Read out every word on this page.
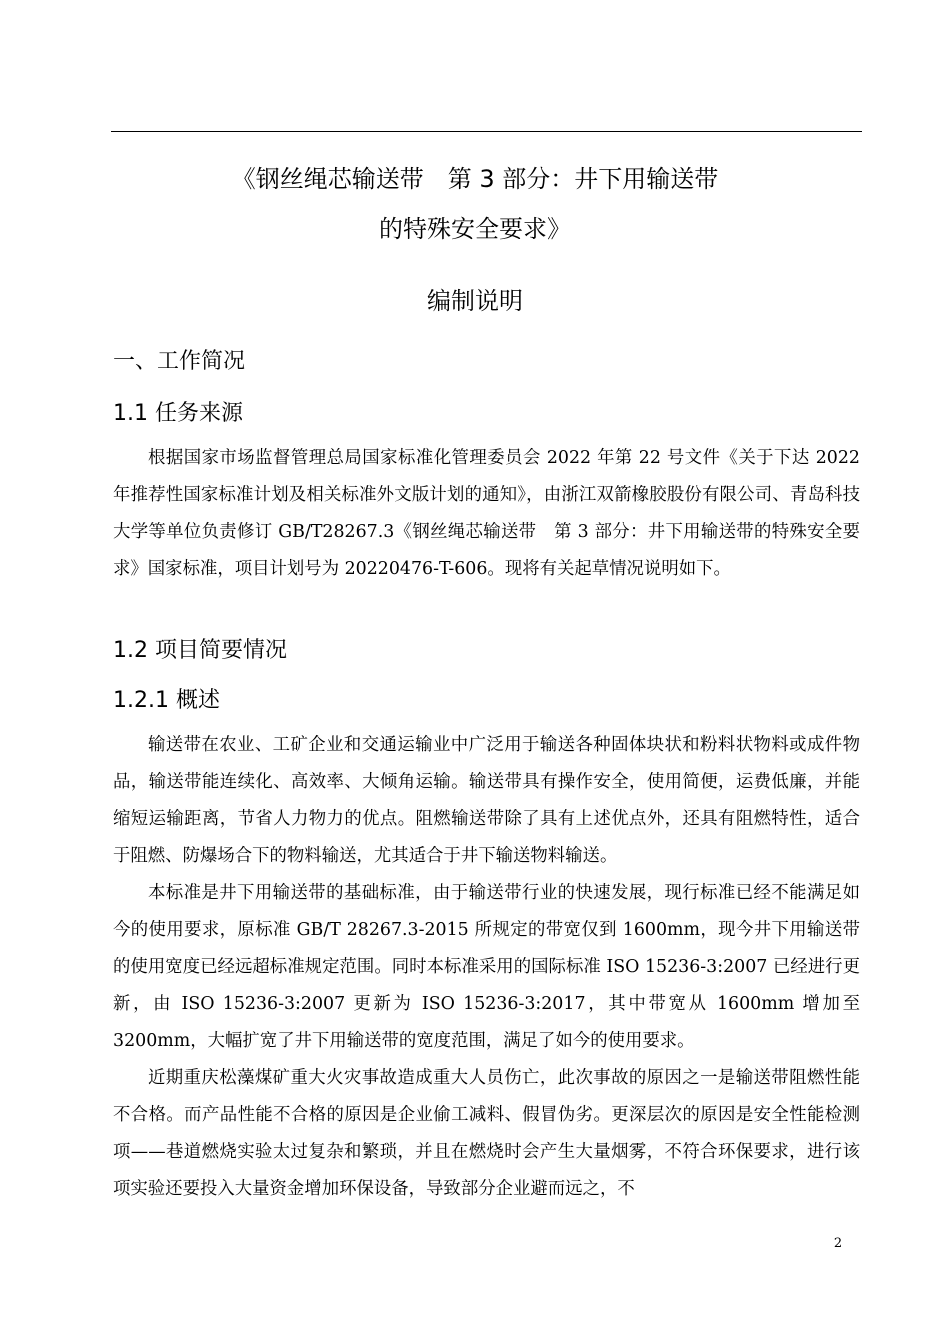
《钢丝绳芯输送带　第 3 部分：井下用输送带
的特殊安全要求》
编制说明
一、工作简况
1.1 任务来源

根据国家市场监督管理总局国家标准化管理委员会 2022 年第 22 号文件《关于下达 2022 年推荐性国家标准计划及相关标准外文版计划的通知》，由浙江双箭橡胶股份有限公司、青岛科技大学等单位负责修订 GB/T28267.3《钢丝绳芯输送带　第 3 部分：井下用输送带的特殊安全要求》国家标准，项目计划号为 20220476-T-606。现将有关起草情况说明如下。

1.2 项目简要情况
1.2.1 概述

输送带在农业、工矿企业和交通运输业中广泛用于输送各种固体块状和粉料状物料或成件物品，输送带能连续化、高效率、大倾角运输。输送带具有操作安全，使用简便，运费低廉，并能缩短运输距离，节省人力物力的优点。阻燃输送带除了具有上述优点外，还具有阻燃特性，适合于阻燃、防爆场合下的物料输送，尤其适合于井下输送物料输送。

本标准是井下用输送带的基础标准，由于输送带行业的快速发展，现行标准已经不能满足如今的使用要求，原标准 GB/T 28267.3-2015 所规定的带宽仅到 1600mm，现今井下用输送带的使用宽度已经远超标准规定范围。同时本标准采用的国际标准 ISO 15236-3:2007 已经进行更新，由 ISO 15236-3:2007 更新为 ISO 15236-3:2017，其中带宽从 1600mm 增加至 3200mm，大幅扩宽了井下用输送带的宽度范围，满足了如今的使用要求。

近期重庆松藻煤矿重大火灾事故造成重大人员伤亡，此次事故的原因之一是输送带阻燃性能不合格。而产品性能不合格的原因是企业偷工减料、假冒伪劣。更深层次的原因是安全性能检测项——巷道燃烧实验太过复杂和繁琐，并且在燃烧时会产生大量烟雾，不符合环保要求，进行该项实验还要投入大量资金增加环保设备，导致部分企业避而远之，不

2
